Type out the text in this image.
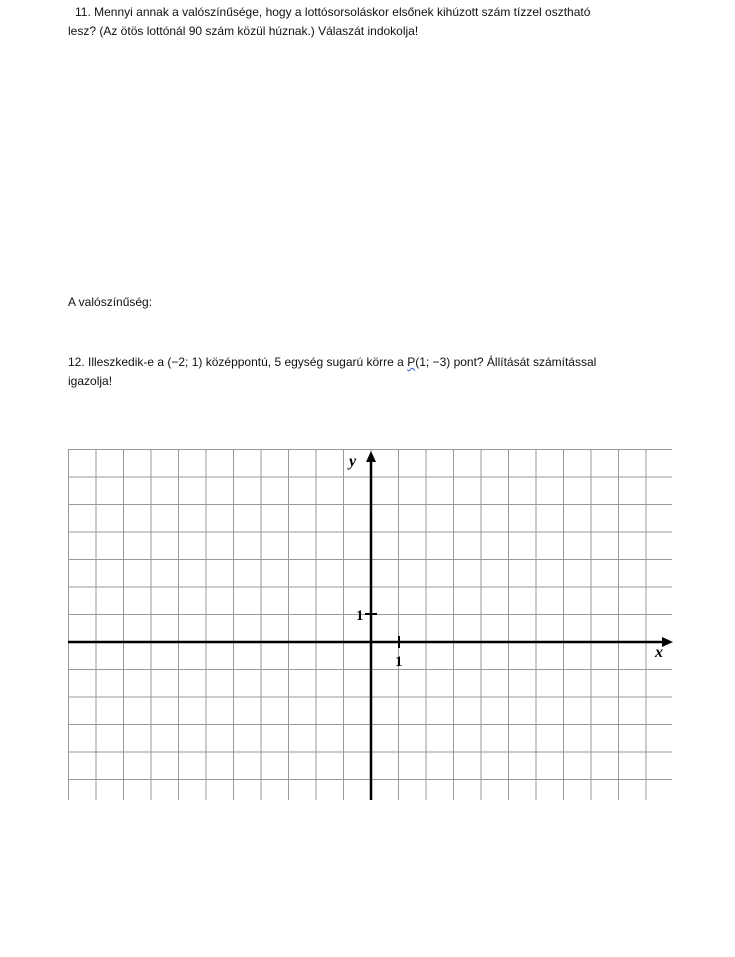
11. Mennyi annak a valószínűsége, hogy a lottósorsoláskor elsőnek kihúzott szám tízzel osztható
lesz? (Az ötös lottónál 90 szám közül húznak.) Válaszát indokolja!
A valószínűség:
12. Illeszkedik-e a (−2; 1) középpontú, 5 egység sugarú körre a P(1; −3) pont? Állítását számítással
igazolja!
1
1
x
y
